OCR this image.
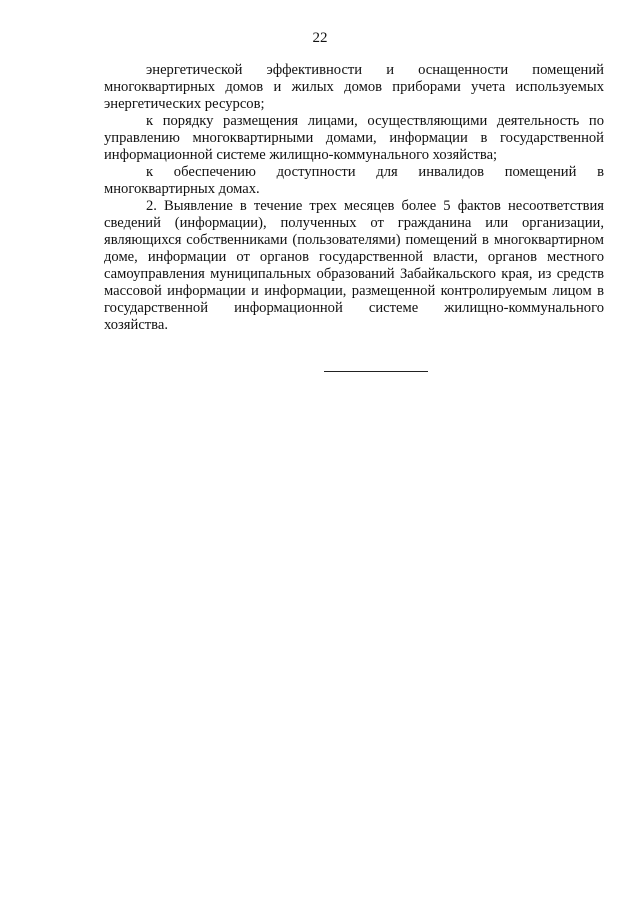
22

энергетической эффективности и оснащенности помещений многоквартирных домов и жилых домов приборами учета используемых энергетических ресурсов;

к порядку размещения лицами, осуществляющими деятельность по управлению многоквартирными домами, информации в государственной информационной системе жилищно-коммунального хозяйства;

к обеспечению доступности для инвалидов помещений в многоквартирных домах.

2. Выявление в течение трех месяцев более 5 фактов несоответствия сведений (информации), полученных от гражданина или организации, являющихся собственниками (пользователями) помещений в многоквартирном доме, информации от органов государственной власти, органов местного самоуправления муниципальных образований Забайкальского края, из средств массовой информации и информации, размещенной контролируемым лицом в государственной информационной системе жилищно-коммунального хозяйства.
